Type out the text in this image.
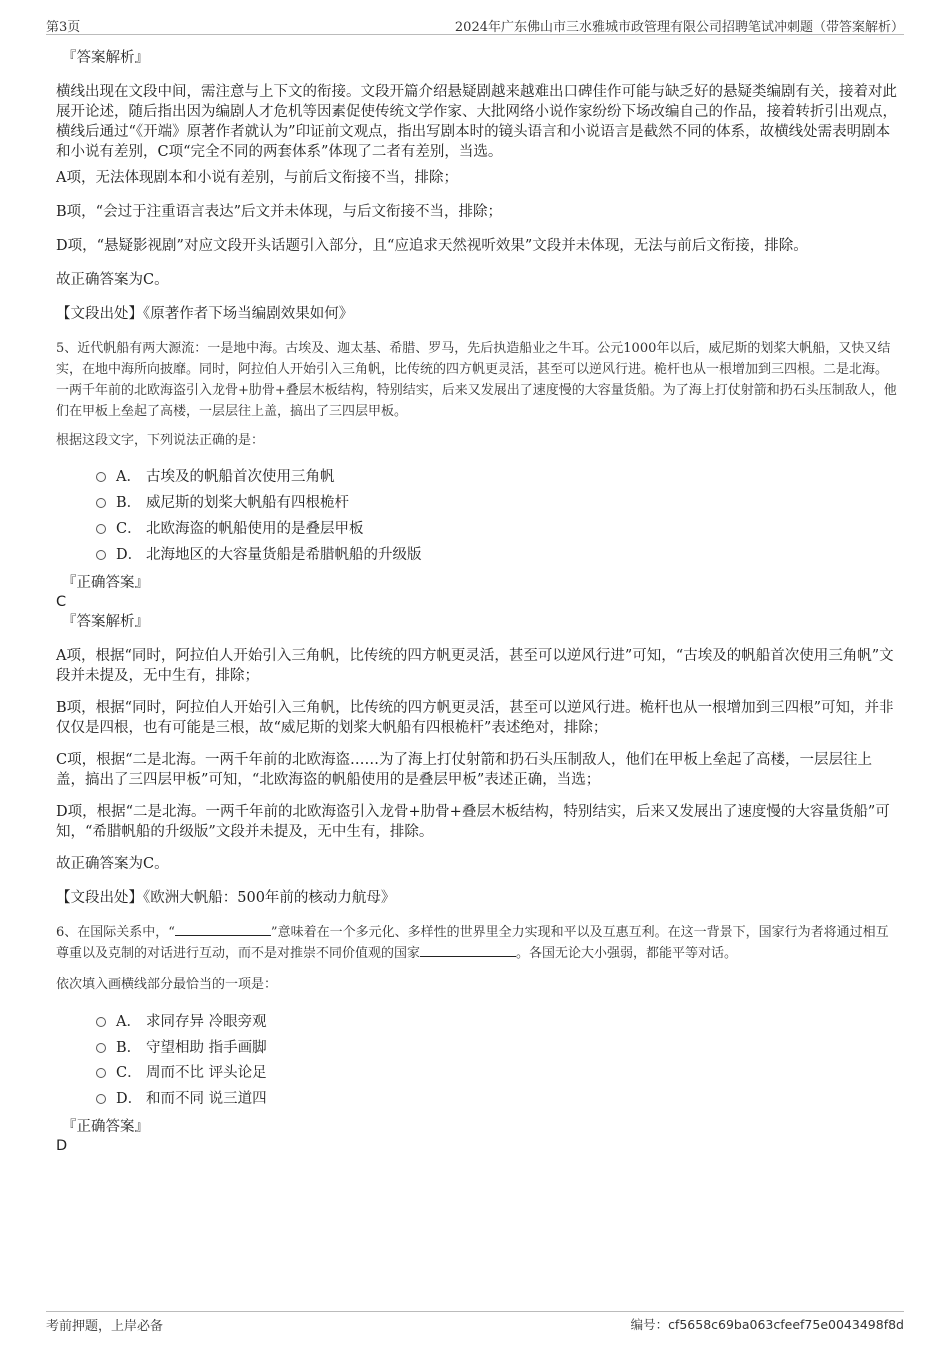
第3页	2024年广东佛山市三水雅城市政管理有限公司招聘笔试冲刺题（带答案解析）

『答案解析』

横线出现在文段中间，需注意与上下文的衔接。文段开篇介绍悬疑剧越来越难出口碑佳作可能与缺乏好的悬疑类编剧有关，接着对此展开论述，随后指出因为编剧人才危机等因素促使传统文学作家、大批网络小说作家纷纷下场改编自己的作品，接着转折引出观点，横线后通过“《开端》原著作者就认为”印证前文观点，指出写剧本时的镜头语言和小说语言是截然不同的体系，故横线处需表明剧本和小说有差别，C项“完全不同的两套体系”体现了二者有差别，当选。

A项，无法体现剧本和小说有差别，与前后文衔接不当，排除；

B项，“会过于注重语言表达”后文并未体现，与后文衔接不当，排除；

D项，“悬疑影视剧”对应文段开头话题引入部分，且“应追求天然视听效果”文段并未体现，无法与前后文衔接，排除。

故正确答案为C。

【文段出处】《原著作者下场当编剧效果如何》

5、近代帆船有两大源流：一是地中海。古埃及、迦太基、希腊、罗马，先后执造船业之牛耳。公元1000年以后，威尼斯的划桨大帆船，又快又结实，在地中海所向披靡。同时，阿拉伯人开始引入三角帆，比传统的四方帆更灵活，甚至可以逆风行进。桅杆也从一根增加到三四根。二是北海。一两千年前的北欧海盗引入龙骨+肋骨+叠层木板结构，特别结实，后来又发展出了速度慢的大容量货船。为了海上打仗射箭和扔石头压制敌人，他们在甲板上垒起了高楼，一层层往上盖，搞出了三四层甲板。

根据这段文字，下列说法正确的是：

A． 古埃及的帆船首次使用三角帆
B． 威尼斯的划桨大帆船有四根桅杆
C． 北欧海盗的帆船使用的是叠层甲板
D． 北海地区的大容量货船是希腊帆船的升级版

『正确答案』

C

『答案解析』

A项，根据“同时，阿拉伯人开始引入三角帆，比传统的四方帆更灵活，甚至可以逆风行进”可知，“古埃及的帆船首次使用三角帆”文段并未提及，无中生有，排除；

B项，根据“同时，阿拉伯人开始引入三角帆，比传统的四方帆更灵活，甚至可以逆风行进。桅杆也从一根增加到三四根”可知，并非仅仅是四根，也有可能是三根，故“威尼斯的划桨大帆船有四根桅杆”表述绝对，排除；

C项，根据“二是北海。一两千年前的北欧海盗……为了海上打仗射箭和扔石头压制敌人，他们在甲板上垒起了高楼，一层层往上盖，搞出了三四层甲板”可知，“北欧海盗的帆船使用的是叠层甲板”表述正确，当选；

D项，根据“二是北海。一两千年前的北欧海盗引入龙骨+肋骨+叠层木板结构，特别结实，后来又发展出了速度慢的大容量货船”可知，“希腊帆船的升级版”文段并未提及，无中生有，排除。

故正确答案为C。

【文段出处】《欧洲大帆船：500年前的核动力航母》

6、在国际关系中，“	”意味着在一个多元化、多样性的世界里全力实现和平以及互惠互利。在这一背景下，国家行为者将通过相互尊重以及克制的对话进行互动，而不是对推崇不同价值观的国家	。各国无论大小强弱，都能平等对话。

依次填入画横线部分最恰当的一项是：

A． 求同存异 冷眼旁观
B． 守望相助 指手画脚
C． 周而不比 评头论足
D． 和而不同 说三道四

『正确答案』

D

考前押题，上岸必备	编号：cf5658c69ba063cfeef75e0043498f8d
